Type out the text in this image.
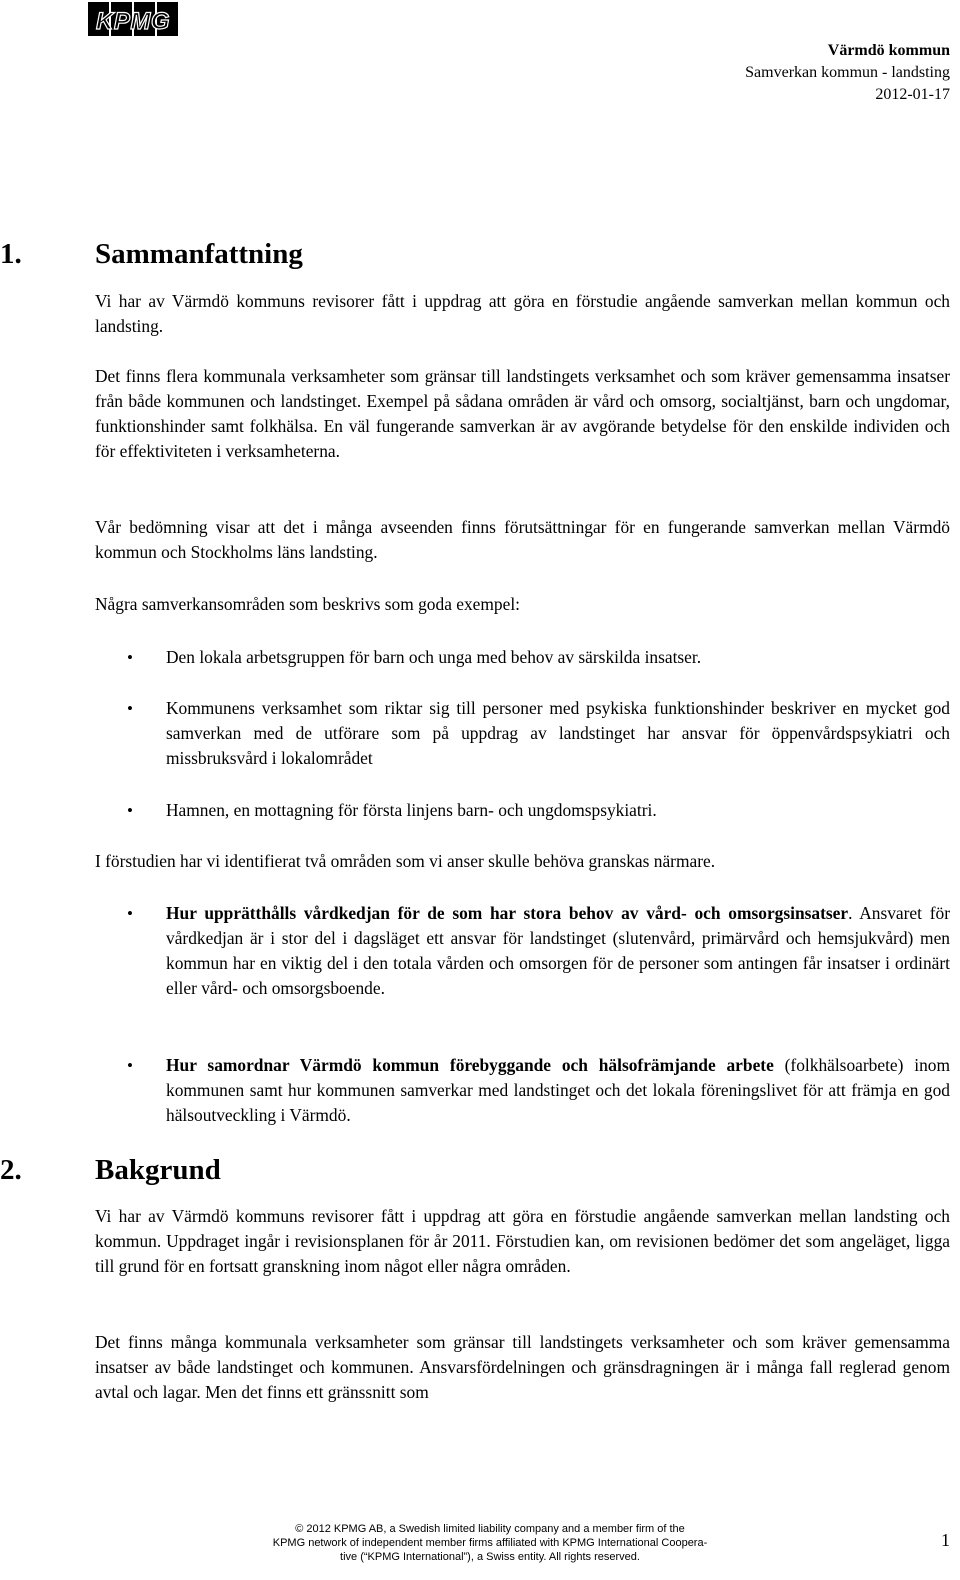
KPMG
Värmdö kommun
Samverkan kommun - landsting
2012-01-17
1.	Sammanfattning

Vi har av Värmdö kommuns revisorer fått i uppdrag att göra en förstudie angående samverkan mellan kommun och landsting.

Det finns flera kommunala verksamheter som gränsar till landstingets verksamhet och som kräver gemensamma insatser från både kommunen och landstinget. Exempel på sådana områden är vård och omsorg, socialtjänst, barn och ungdomar, funktionshinder samt folkhälsa. En väl fungerande samverkan är av avgörande betydelse för den enskilde individen och för effektiviteten i verksamheterna.

Vår bedömning visar att det i många avseenden finns förutsättningar för en fungerande samverkan mellan Värmdö kommun och Stockholms läns landsting.

Några samverkansområden som beskrivs som goda exempel:

• Den lokala arbetsgruppen för barn och unga med behov av särskilda insatser.

• Kommunens verksamhet som riktar sig till personer med psykiska funktionshinder beskriver en mycket god samverkan med de utförare som på uppdrag av landstinget har ansvar för öppenvårdspsykiatri och missbruksvård i lokalområdet

• Hamnen, en mottagning för första linjens barn- och ungdomspsykiatri.

I förstudien har vi identifierat två områden som vi anser skulle behöva granskas närmare.

• Hur upprätthålls vårdkedjan för de som har stora behov av vård- och omsorgsinsatser. Ansvaret för vårdkedjan är i stor del i dagsläget ett ansvar för landstinget (slutenvård, primärvård och hemsjukvård) men kommun har en viktig del i den totala vården och omsorgen för de personer som antingen får insatser i ordinärt eller vård- och omsorgsboende.

• Hur samordnar Värmdö kommun förebyggande och hälsofrämjande arbete (folkhälsoarbete) inom kommunen samt hur kommunen samverkar med landstinget och det lokala föreningslivet för att främja en god hälsoutveckling i Värmdö.

2.	Bakgrund

Vi har av Värmdö kommuns revisorer fått i uppdrag att göra en förstudie angående samverkan mellan landsting och kommun. Uppdraget ingår i revisionsplanen för år 2011. Förstudien kan, om revisionen bedömer det som angeläget, ligga till grund för en fortsatt granskning inom något eller några områden.

Det finns många kommunala verksamheter som gränsar till landstingets verksamheter och som kräver gemensamma insatser av både landstinget och kommunen. Ansvarsfördelningen och gränsdragningen är i många fall reglerad genom avtal och lagar. Men det finns ett gränssnitt som

© 2012 KPMG AB, a Swedish limited liability company and a member firm of the
KPMG network of independent member firms affiliated with KPMG International Coopera-
tive (“KPMG International”), a Swiss entity. All rights reserved.
1
